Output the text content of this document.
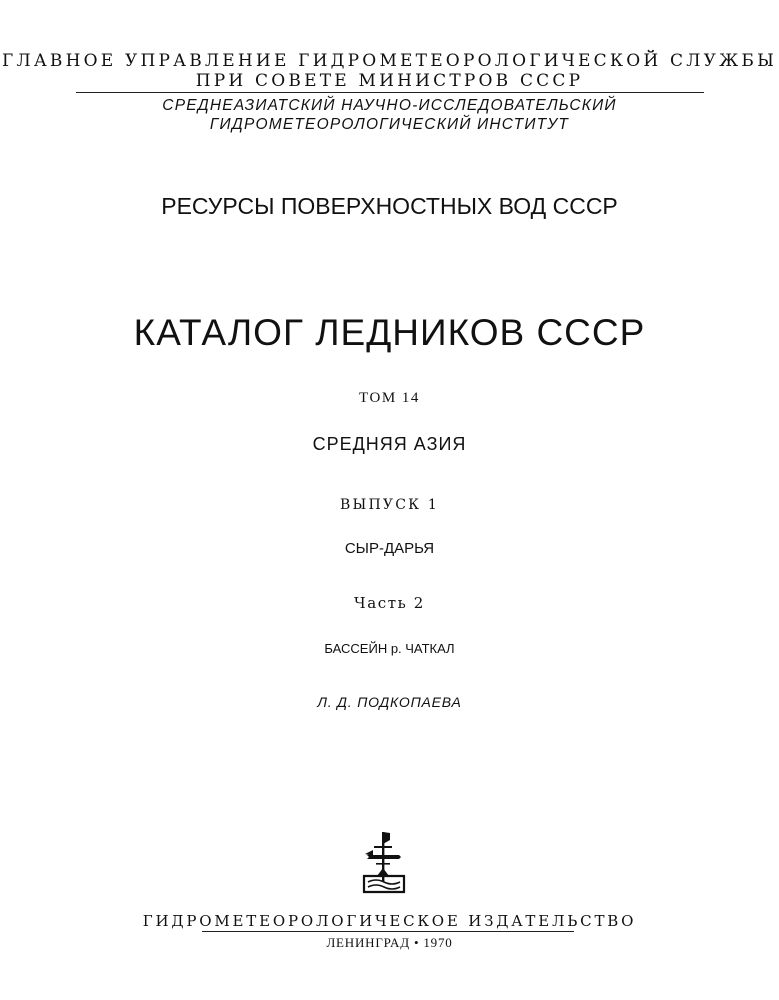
ГЛАВНОЕ УПРАВЛЕНИЕ ГИДРОМЕТЕОРОЛОГИЧЕСКОЙ СЛУЖБЫ
ПРИ СОВЕТЕ МИНИСТРОВ СССР
СРЕДНЕАЗИАТСКИЙ НАУЧНО-ИССЛЕДОВАТЕЛЬСКИЙ
ГИДРОМЕТЕОРОЛОГИЧЕСКИЙ ИНСТИТУТ
РЕСУРСЫ ПОВЕРХНОСТНЫХ ВОД СССР
КАТАЛОГ ЛЕДНИКОВ СССР
ТОМ 14
СРЕДНЯЯ АЗИЯ
ВЫПУСК 1
СЫР-ДАРЬЯ
Часть 2
БАССЕЙН р. ЧАТКАЛ
Л. Д. ПОДКОПАЕВА
ГИДРОМЕТЕОРОЛОГИЧЕСКОЕ ИЗДАТЕЛЬСТВО
ЛЕНИНГРАД • 1970
